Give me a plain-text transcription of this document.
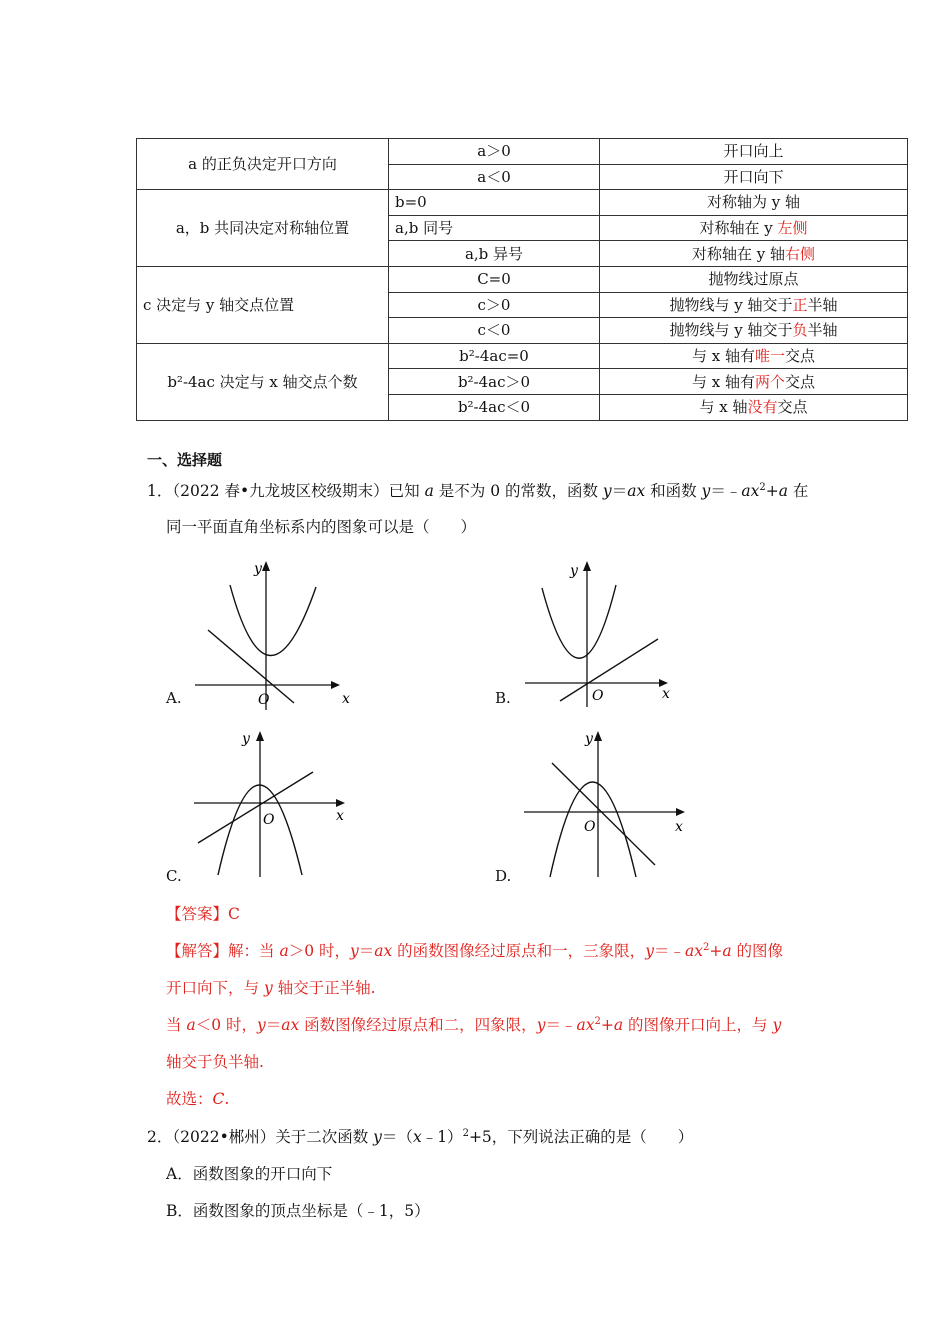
a 的正负决定开口方向	a＞0	开口向上
	a＜0	开口向下
a，b 共同决定对称轴位置	b=0	对称轴为 y 轴
	a,b 同号	对称轴在 y 左侧
	a,b 异号	对称轴在 y 轴右侧
c 决定与 y 轴交点位置	C=0	抛物线过原点
	c＞0	抛物线与 y 轴交于正半轴
	c＜0	抛物线与 y 轴交于负半轴
b²-4ac 决定与 x 轴交点个数	b²-4ac=0	与 x 轴有唯一交点
	b²-4ac＞0	与 x 轴有两个交点
	b²-4ac＜0	与 x 轴没有交点
一、选择题
1．（2022 春•九龙坡区校级期末）已知 a 是不为 0 的常数，函数 y＝ax 和函数 $y=﹣ax^2+a$ 在
同一平面直角坐标系内的图象可以是（　　）
A.
y
x
O	B.
y
x
O
C.
y
x
O
D.
y
x
O
【答案】C
【解答】解：当 a＞0 时，y＝ax 的函数图像经过原点和一，三象限，$y=﹣ax^2+a$ 的图像
开口向下，与 y 轴交于正半轴.
当 a＜0 时，y＝ax 函数图像经过原点和二，四象限，$y=﹣ax^2+a$ 的图像开口向上，与 y
轴交于负半轴.
故选：C.
2．（2022•郴州）关于二次函数 y＝（x﹣1）$^2$+5，下列说法正确的是（　　）
A．函数图象的开口向下
B．函数图象的顶点坐标是（﹣1，5）
